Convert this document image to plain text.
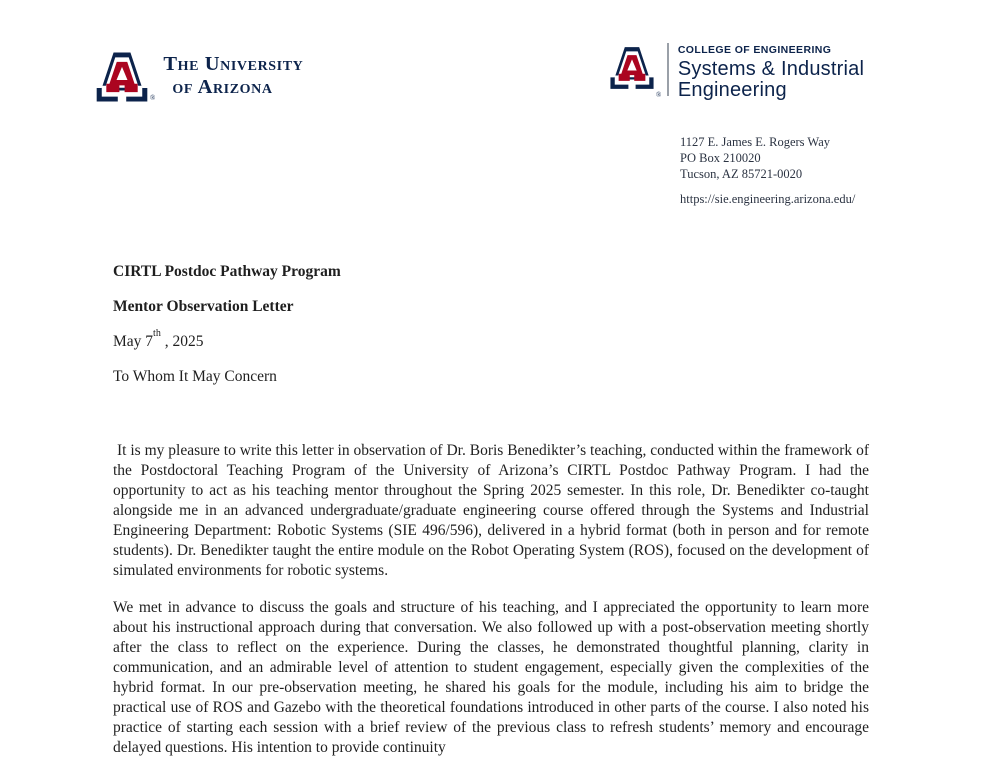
®
The University
of Arizona	®
COLLEGE OF ENGINEERING
Systems & Industrial
Engineering
1127 E. James E. Rogers Way
PO Box 210020
Tucson, AZ 85721-0020
https://sie.engineering.arizona.edu/
CIRTL Postdoc Pathway Program
Mentor Observation Letter
May 7th , 2025
To Whom It May Concern

It is my pleasure to write this letter in observation of Dr. Boris Benedikter’s teaching, conducted within the framework of the Postdoctoral Teaching Program of the University of Arizona’s CIRTL Postdoc Pathway Program. I had the opportunity to act as his teaching mentor throughout the Spring 2025 semester. In this role, Dr. Benedikter co-taught alongside me in an advanced undergraduate/graduate engineering course offered through the Systems and Industrial Engineering Department: Robotic Systems (SIE 496/596), delivered in a hybrid format (both in person and for remote students). Dr. Benedikter taught the entire module on the Robot Operating System (ROS), focused on the development of simulated environments for robotic systems.

We met in advance to discuss the goals and structure of his teaching, and I appreciated the opportunity to learn more about his instructional approach during that conversation. We also followed up with a post-observation meeting shortly after the class to reflect on the experience. During the classes, he demonstrated thoughtful planning, clarity in communication, and an admirable level of attention to student engagement, especially given the complexities of the hybrid format. In our pre-observation meeting, he shared his goals for the module, including his aim to bridge the practical use of ROS and Gazebo with the theoretical foundations introduced in other parts of the course. I also noted his practice of starting each session with a brief review of the previous class to refresh students’ memory and encourage delayed questions. His intention to provide continuity
